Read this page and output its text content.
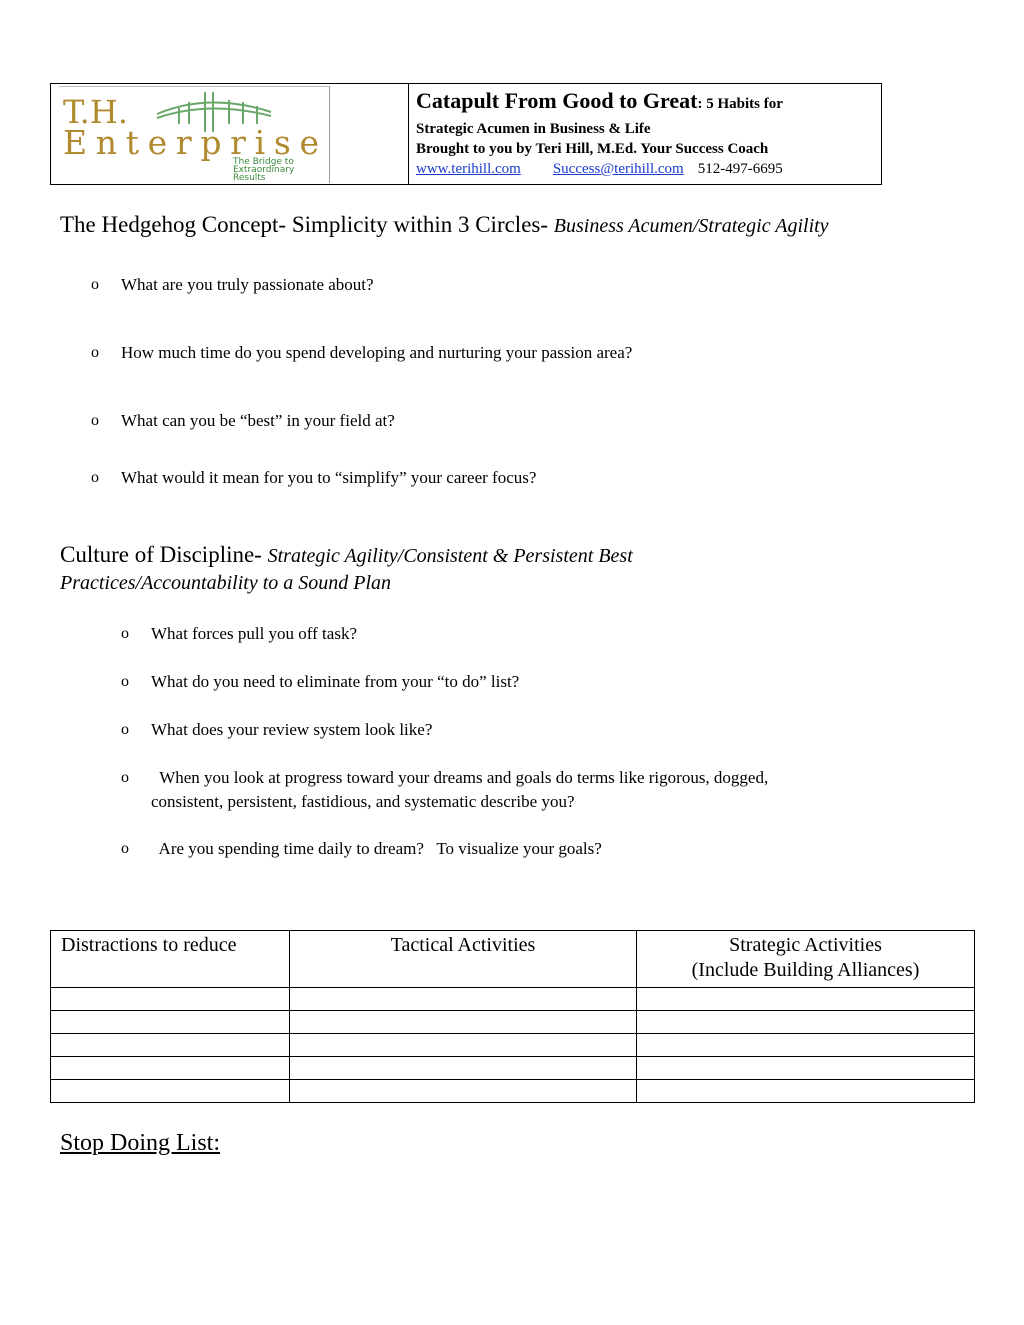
T.H.
Enterprise
The Bridge to
Extraordinary
Results
Catapult From Good to Great: 5 Habits for
Strategic Acumen in Business & Life
Brought to you by Teri Hill, M.Ed. Your Success Coach
www.terihill.com Success@terihill.com 512-497-6695
The Hedgehog Concept- Simplicity within 3 Circles- Business Acumen/Strategic Agility
o What are you truly passionate about?
o How much time do you spend developing and nurturing your passion area?
o What can you be “best” in your field at?
o What would it mean for you to “simplify” your career focus?
Culture of Discipline- Strategic Agility/Consistent & Persistent Best
Practices/Accountability to a Sound Plan
o What forces pull you off task?
o What do you need to eliminate from your “to do” list?
o What does your review system look like?
o When you look at progress toward your dreams and goals do terms like rigorous, dogged,
consistent, persistent, fastidious, and systematic describe you?
o Are you spending time daily to dream?   To visualize your goals?
Distractions to reduce	Tactical Activities	Strategic Activities
(Include Building Alliances)

Stop Doing List:
